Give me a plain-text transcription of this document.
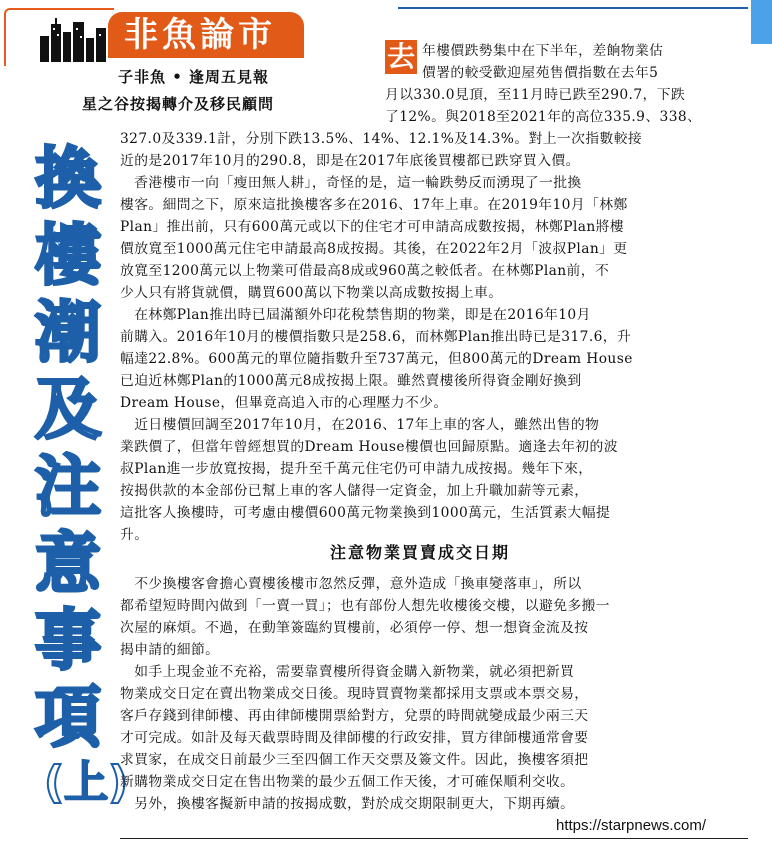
非魚論市
子非魚 • 逢周五見報
星之谷按揭轉介及移民顧問
換
樓
潮
及
注
意
事
項
(上)
去 年樓價跌勢集中在下半年，差餉物業估
價署的較受歡迎屋苑售價指數在去年5
月以330.0見頂，至11月時已跌至290.7，下跌
了12%。與2018至2021年的高位335.9、338、
327.0及339.1計，分別下跌13.5%、14%、12.1%及14.3%。對上一次指數較接
近的是2017年10月的290.8，即是在2017年底後買樓都已跌穿買入價。
　香港樓市一向「瘦田無人耕」，奇怪的是，這一輪跌勢反而湧現了一批換
樓客。細問之下，原來這批換樓客多在2016、17年上車。在2019年10月「林鄭
Plan」推出前，只有600萬元或以下的住宅才可申請高成數按揭，林鄭Plan將樓
價放寬至1000萬元住宅申請最高8成按揭。其後，在2022年2月「波叔Plan」更
放寬至1200萬元以上物業可借最高8成或960萬之較低者。在林鄭Plan前，不
少人只有將貨就價，購買600萬以下物業以高成數按揭上車。
　在林鄭Plan推出時已屆滿額外印花稅禁售期的物業，即是在2016年10月
前購入。2016年10月的樓價指數只是258.6，而林鄭Plan推出時已是317.6，升
幅達22.8%。600萬元的單位隨指數升至737萬元，但800萬元的Dream House
已迫近林鄭Plan的1000萬元8成按揭上限。雖然賣樓後所得資金剛好換到
Dream House，但畢竟高追入市的心理壓力不少。
　近日樓價回調至2017年10月，在2016、17年上車的客人，雖然出售的物
業跌價了，但當年曾經想買的Dream House樓價也回歸原點。適逢去年初的波
叔Plan進一步放寬按揭，提升至千萬元住宅仍可申請九成按揭。幾年下來，
按揭供款的本金部份已幫上車的客人儲得一定資金，加上升職加薪等元素，
這批客人換樓時，可考慮由樓價600萬元物業換到1000萬元，生活質素大幅提
升。
　不少換樓客會擔心賣樓後樓市忽然反彈，意外造成「換車變落車」，所以
都希望短時間內做到「一賣一買」；也有部份人想先收樓後交樓，以避免多搬一
次屋的麻煩。不過，在動筆簽臨約買樓前，必須停一停、想一想資金流及按
揭申請的細節。
　如手上現金並不充裕，需要靠賣樓所得資金購入新物業，就必須把新買
物業成交日定在賣出物業成交日後。現時買賣物業都採用支票或本票交易，
客戶存錢到律師樓、再由律師樓開票給對方，兌票的時間就變成最少兩三天
才可完成。如計及每天截票時間及律師樓的行政安排，買方律師樓通常會要
求買家，在成交日前最少三至四個工作天交票及簽文件。因此，換樓客須把
新購物業成交日定在售出物業的最少五個工作天後，才可確保順利交收。
　另外，換樓客擬新申請的按揭成數，對於成交期限制更大，下期再續。
注意物業買賣成交日期
https://starpnews.com/
